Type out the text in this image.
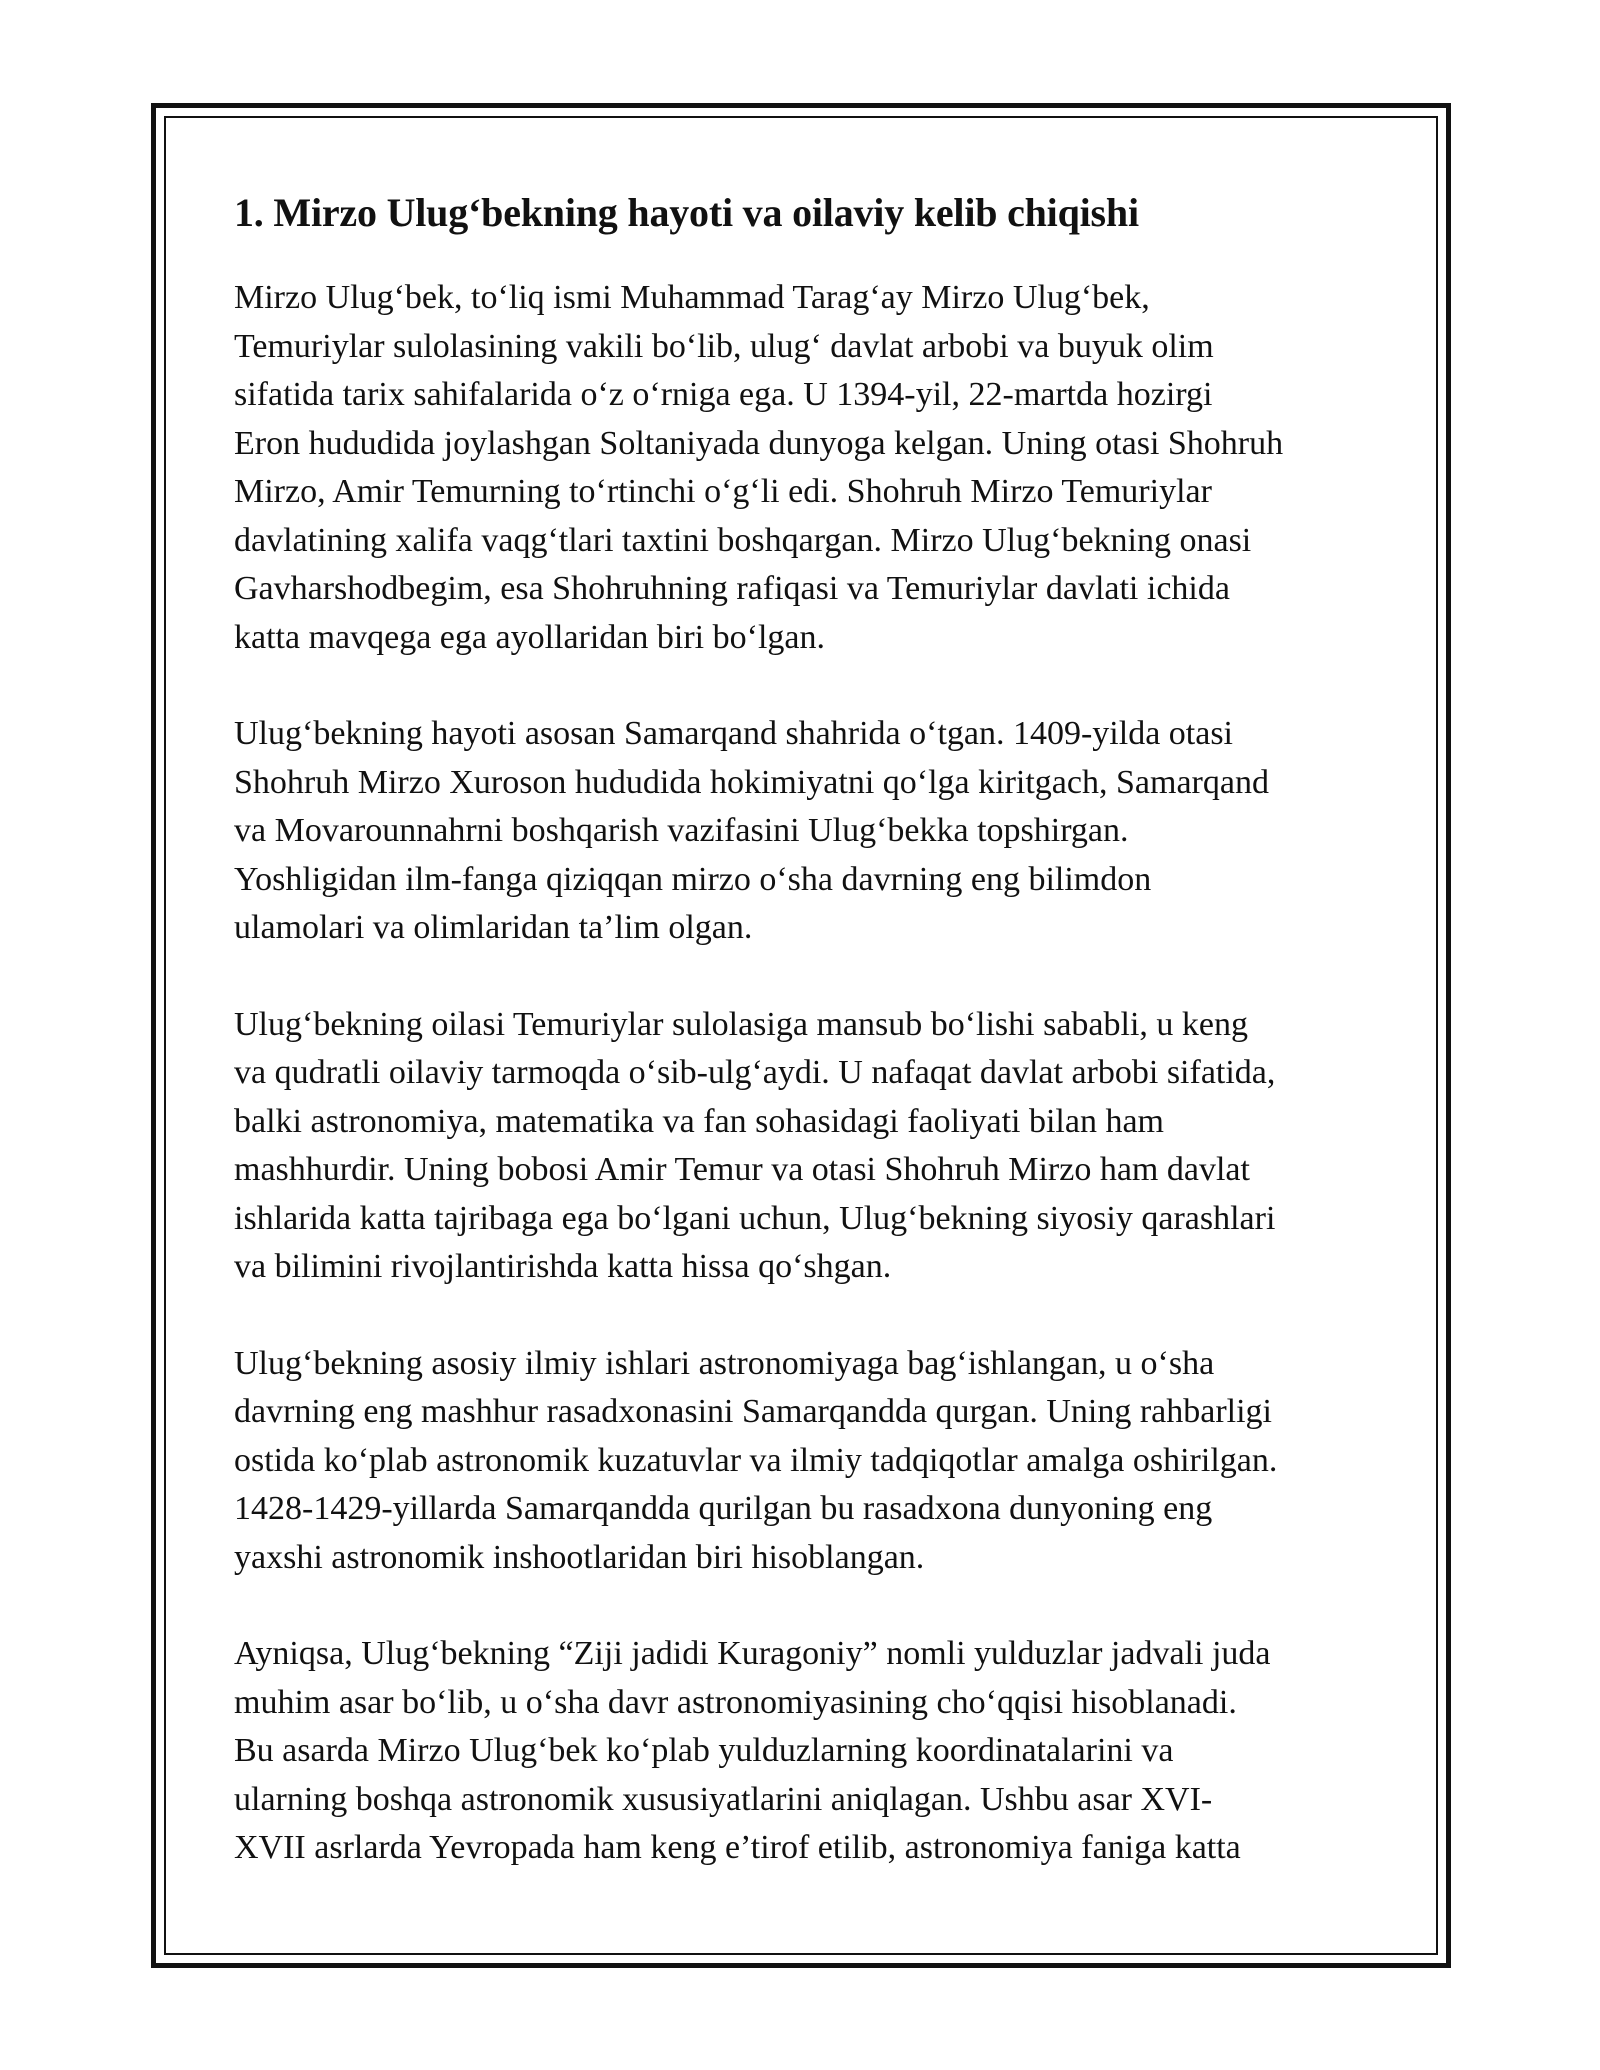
1. Mirzo Ulug‘bekning hayoti va oilaviy kelib chiqishi

Mirzo Ulug‘bek, to‘liq ismi Muhammad Tarag‘ay Mirzo Ulug‘bek,
Temuriylar sulolasining vakili bo‘lib, ulug‘ davlat arbobi va buyuk olim
sifatida tarix sahifalarida o‘z o‘rniga ega. U 1394-yil, 22-martda hozirgi
Eron hududida joylashgan Soltaniyada dunyoga kelgan. Uning otasi Shohruh
Mirzo, Amir Temurning to‘rtinchi o‘g‘li edi. Shohruh Mirzo Temuriylar
davlatining xalifa vaqg‘tlari taxtini boshqargan. Mirzo Ulug‘bekning onasi
Gavharshodbegim, esa Shohruhning rafiqasi va Temuriylar davlati ichida
katta mavqega ega ayollaridan biri bo‘lgan.

Ulug‘bekning hayoti asosan Samarqand shahrida o‘tgan. 1409-yilda otasi
Shohruh Mirzo Xuroson hududida hokimiyatni qo‘lga kiritgach, Samarqand
va Movarounnahrni boshqarish vazifasini Ulug‘bekka topshirgan.
Yoshligidan ilm-fanga qiziqqan mirzo o‘sha davrning eng bilimdon
ulamolari va olimlaridan ta’lim olgan.

Ulug‘bekning oilasi Temuriylar sulolasiga mansub bo‘lishi sababli, u keng
va qudratli oilaviy tarmoqda o‘sib-ulg‘aydi. U nafaqat davlat arbobi sifatida,
balki astronomiya, matematika va fan sohasidagi faoliyati bilan ham
mashhurdir. Uning bobosi Amir Temur va otasi Shohruh Mirzo ham davlat
ishlarida katta tajribaga ega bo‘lgani uchun, Ulug‘bekning siyosiy qarashlari
va bilimini rivojlantirishda katta hissa qo‘shgan.

Ulug‘bekning asosiy ilmiy ishlari astronomiyaga bag‘ishlangan, u o‘sha
davrning eng mashhur rasadxonasini Samarqandda qurgan. Uning rahbarligi
ostida ko‘plab astronomik kuzatuvlar va ilmiy tadqiqotlar amalga oshirilgan.
1428-1429-yillarda Samarqandda qurilgan bu rasadxona dunyoning eng
yaxshi astronomik inshootlaridan biri hisoblangan.

Ayniqsa, Ulug‘bekning “Ziji jadidi Kuragoniy” nomli yulduzlar jadvali juda
muhim asar bo‘lib, u o‘sha davr astronomiyasining cho‘qqisi hisoblanadi.
Bu asarda Mirzo Ulug‘bek ko‘plab yulduzlarning koordinatalarini va
ularning boshqa astronomik xususiyatlarini aniqlagan. Ushbu asar XVI-
XVII asrlarda Yevropada ham keng e’tirof etilib, astronomiya faniga katta
